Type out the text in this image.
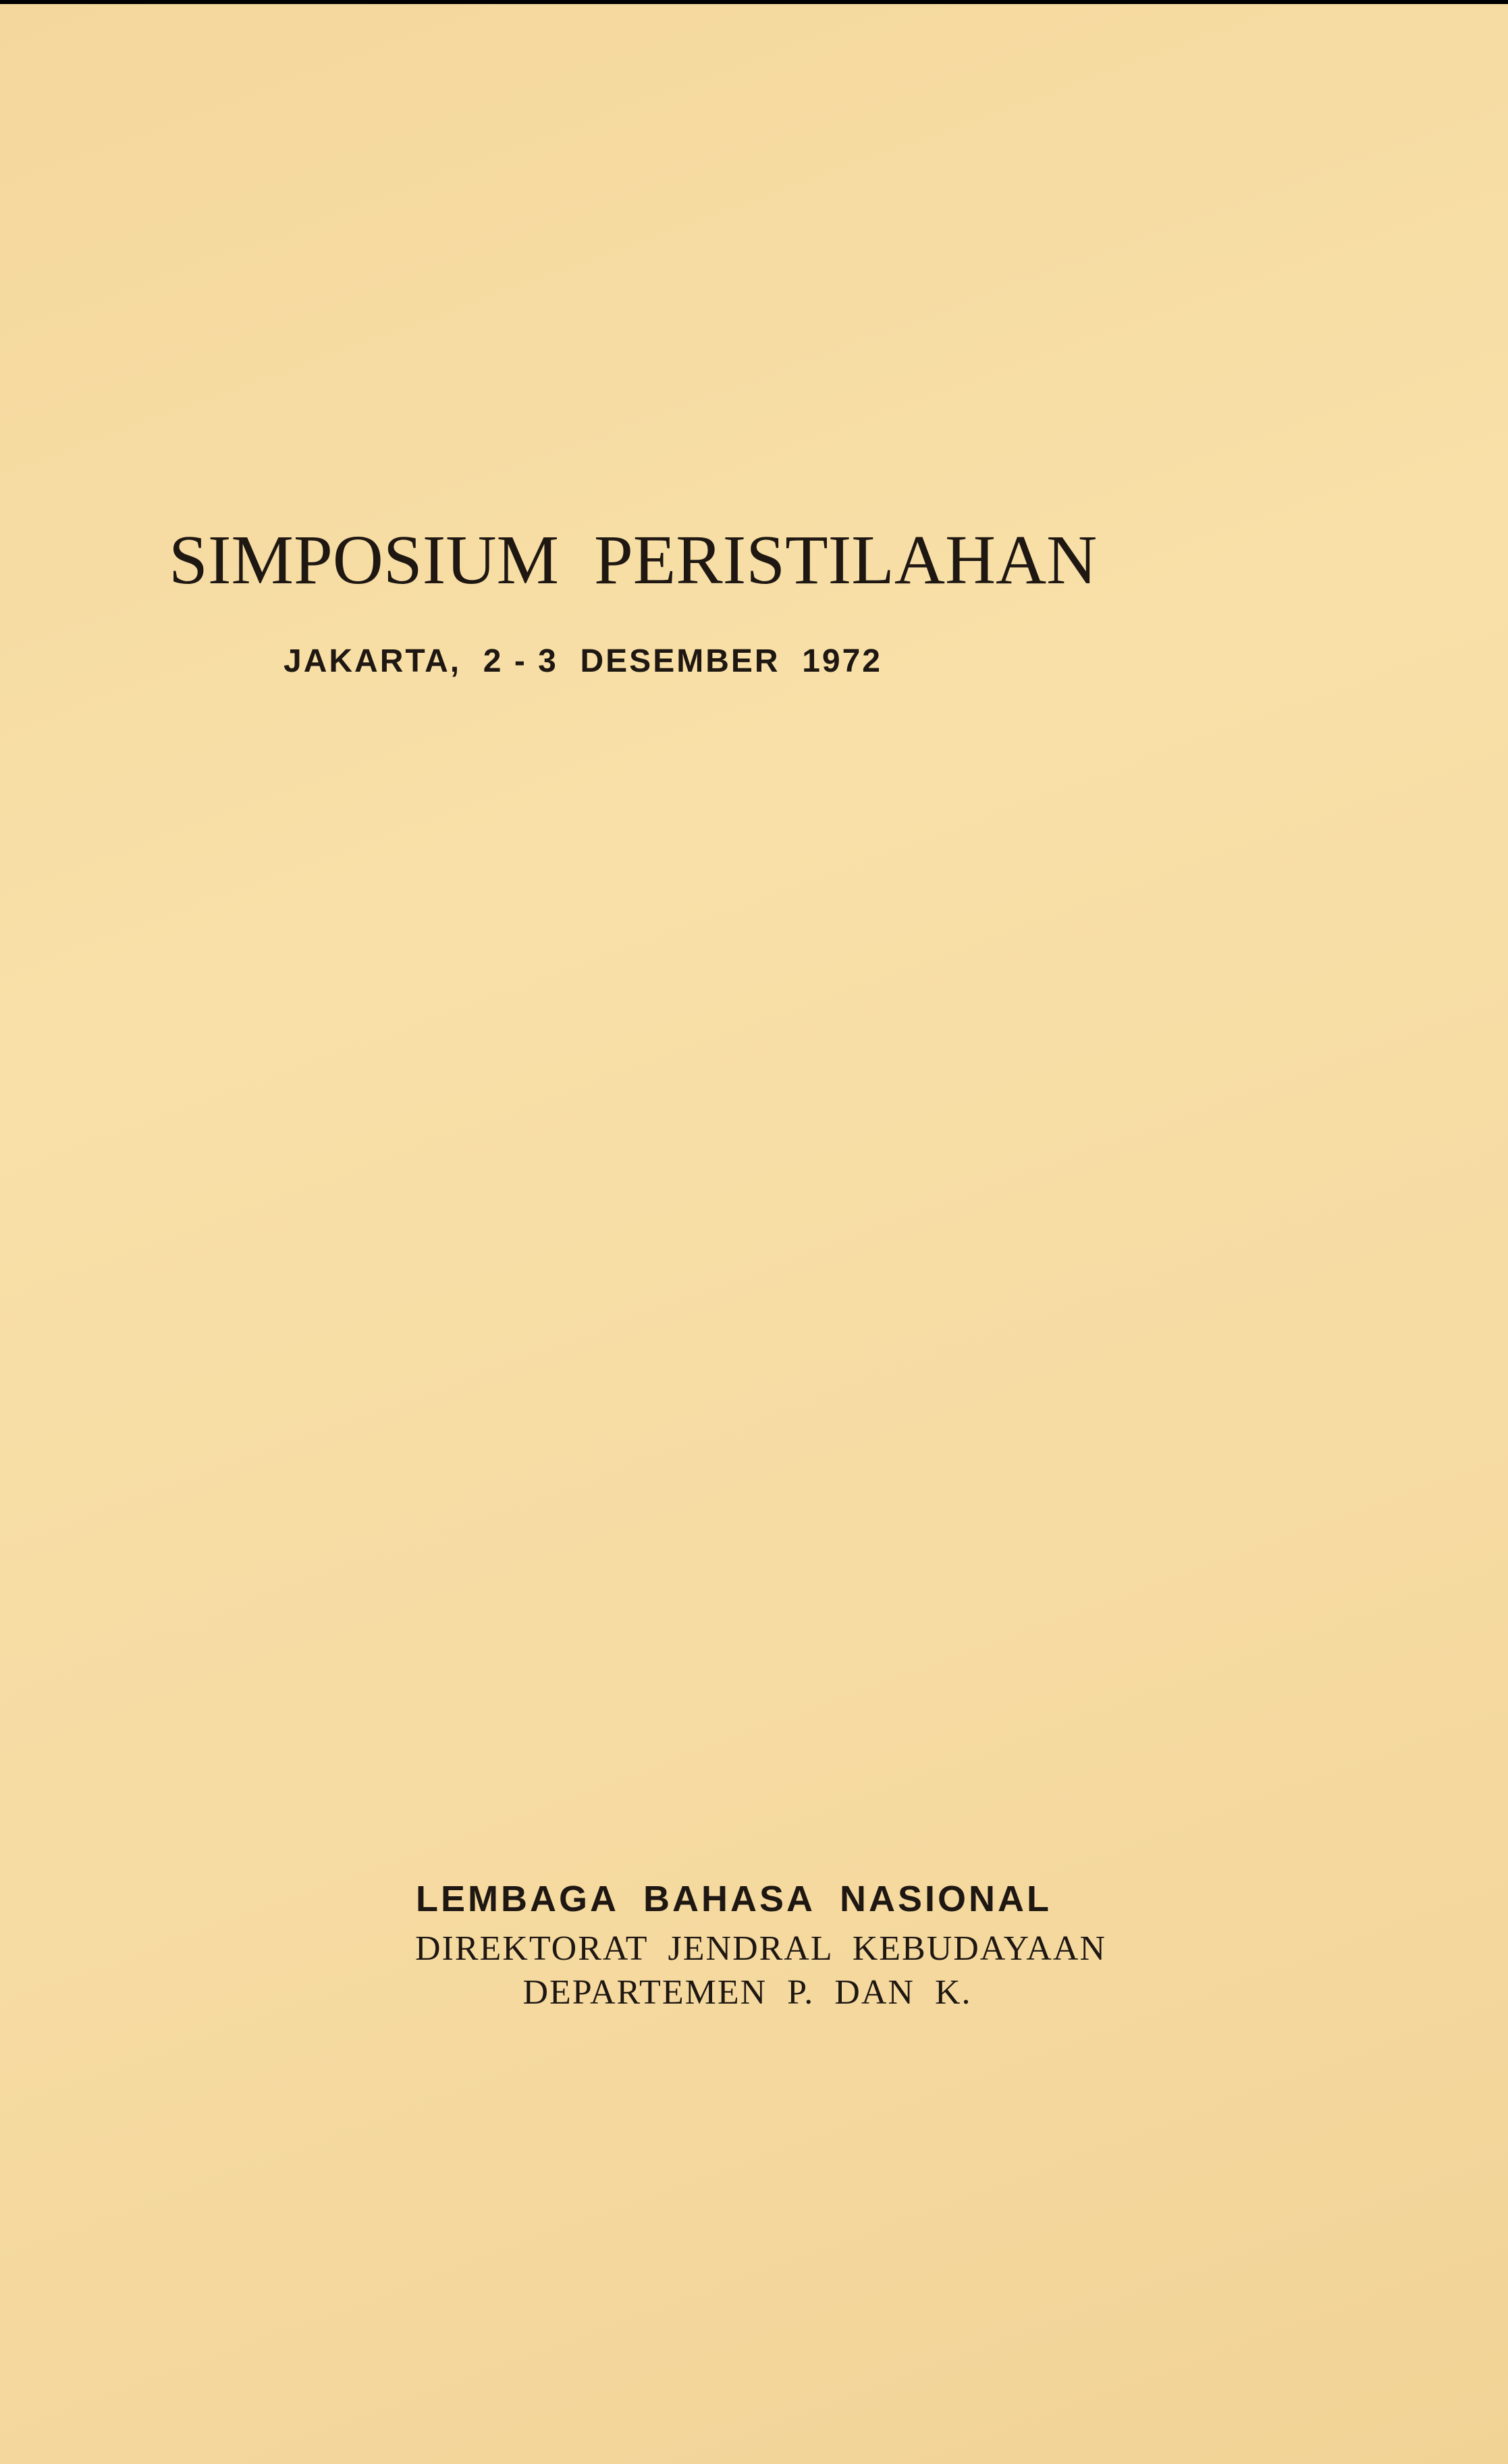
SIMPOSIUM  PERISTILAHAN
JAKARTA,  2 - 3  DESEMBER  1972
LEMBAGA  BAHASA  NASIONAL
DIREKTORAT  JENDRAL  KEBUDAYAAN
DEPARTEMEN  P.  DAN  K.
